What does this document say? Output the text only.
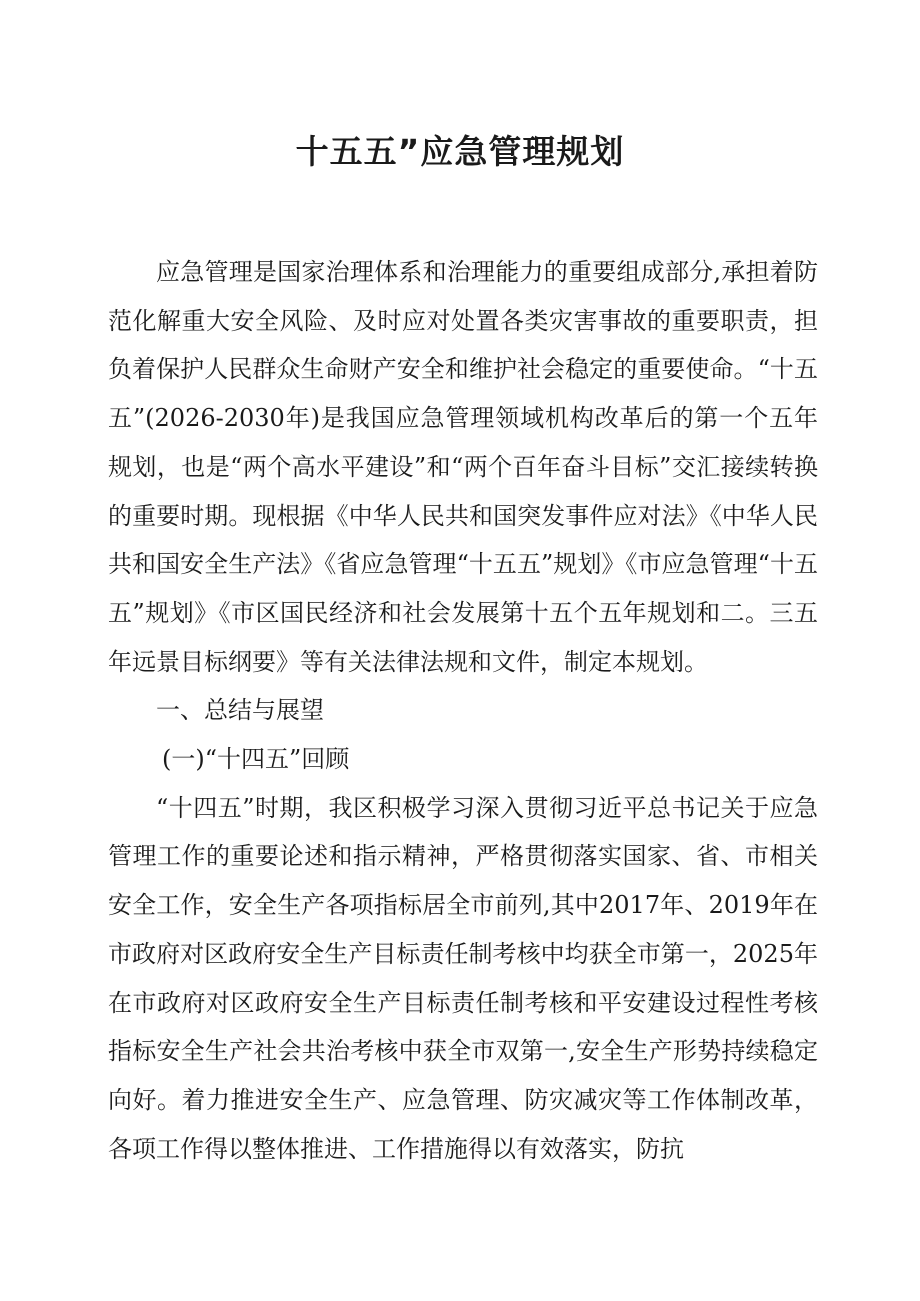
十五五”应急管理规划

应急管理是国家治理体系和治理能力的重要组成部分,承担着防范化解重大安全风险、及时应对处置各类灾害事故的重要职责，担负着保护人民群众生命财产安全和维护社会稳定的重要使命。“十五五”(2026-2030年)是我国应急管理领域机构改革后的第一个五年规划，也是“两个高水平建设”和“两个百年奋斗目标”交汇接续转换的重要时期。现根据《中华人民共和国突发事件应对法》《中华人民共和国安全生产法》《省应急管理“十五五”规划》《市应急管理“十五五”规划》《市区国民经济和社会发展第十五个五年规划和二。三五年远景目标纲要》等有关法律法规和文件，制定本规划。

一、总结与展望

(一)“十四五”回顾

“十四五”时期，我区积极学习深入贯彻习近平总书记关于应急管理工作的重要论述和指示精神，严格贯彻落实国家、省、市相关安全工作，安全生产各项指标居全市前列,其中2017年、2019年在市政府对区政府安全生产目标责任制考核中均获全市第一，2025年在市政府对区政府安全生产目标责任制考核和平安建设过程性考核指标安全生产社会共治考核中获全市双第一,安全生产形势持续稳定向好。着力推进安全生产、应急管理、防灾减灾等工作体制改革，各项工作得以整体推进、工作措施得以有效落实，防抗
